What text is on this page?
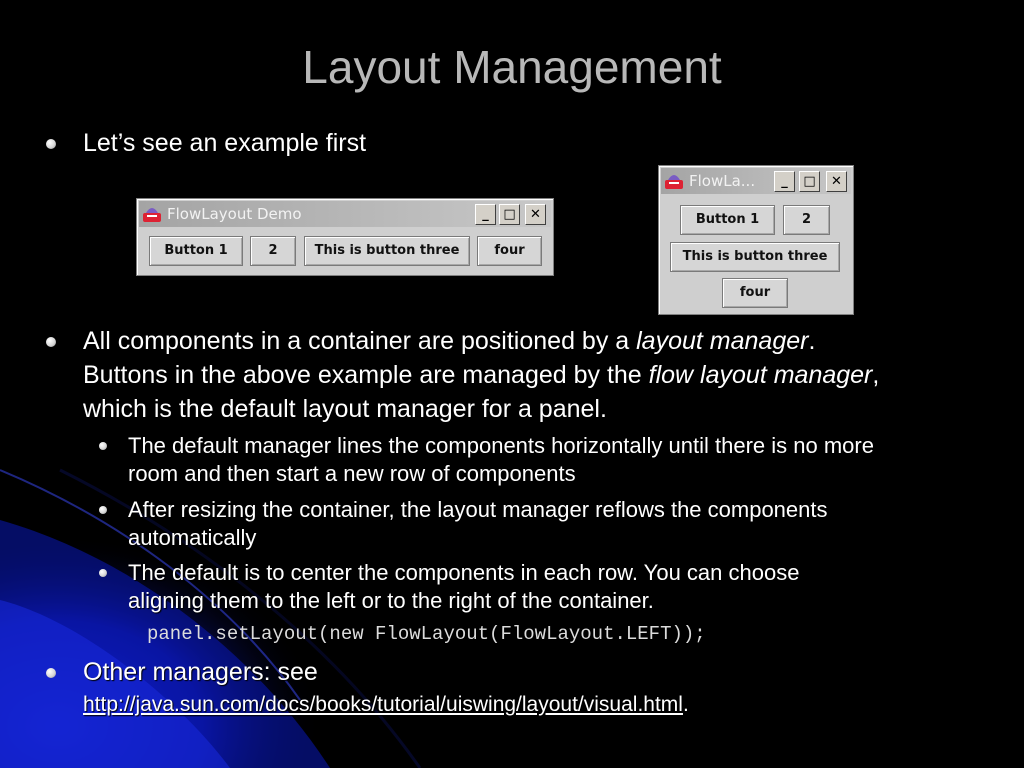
Layout Management
Let’s see an example first
FlowLayout Demo	_	□	✕
Button 1	2	This is button three	four
FlowLa...	_	□	✕
Button 1	2
This is button three
four
All components in a container are positioned by a layout manager.
Buttons in the above example are managed by the flow layout manager,
which is the default layout manager for a panel.
The default manager lines the components horizontally until there is no more
room and then start a new row of components
After resizing the container, the layout manager reflows the components
automatically
The default is to center the components in each row. You can choose
aligning them to the left or to the right of the container.
panel.setLayout(new FlowLayout(FlowLayout.LEFT));
Other managers: see
http://java.sun.com/docs/books/tutorial/uiswing/layout/visual.html.
